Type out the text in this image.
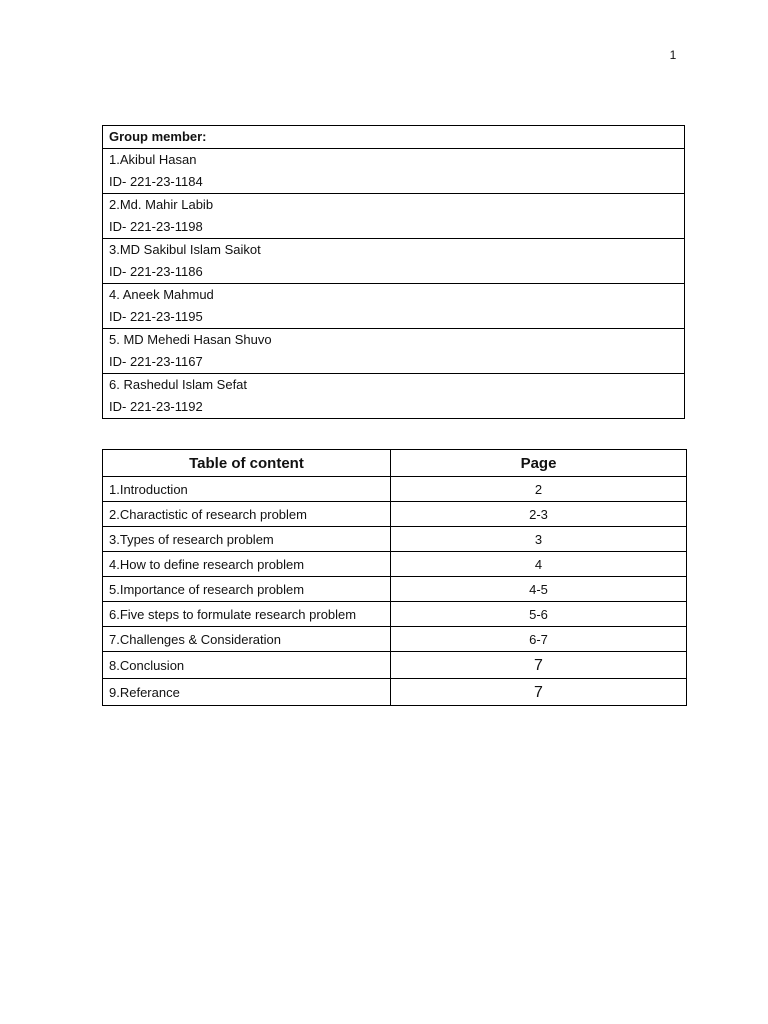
1
Group member:

1.Akibul Hasan
ID- 221-23-1184

2.Md. Mahir Labib
ID- 221-23-1198

3.MD Sakibul Islam Saikot
ID- 221-23-1186

4. Aneek Mahmud
ID- 221-23-1195

5. MD Mehedi Hasan Shuvo
ID- 221-23-1167

6. Rashedul Islam Sefat
ID- 221-23-1192
Table of content	Page
1.Introduction	2
2.Charactistic of research problem	2-3
3.Types of research problem	3
4.How to define research problem	4
5.Importance of research problem	4-5
6.Five steps to formulate research problem	5-6
7.Challenges & Consideration	6-7
8.Conclusion	7
9.Referance	7
